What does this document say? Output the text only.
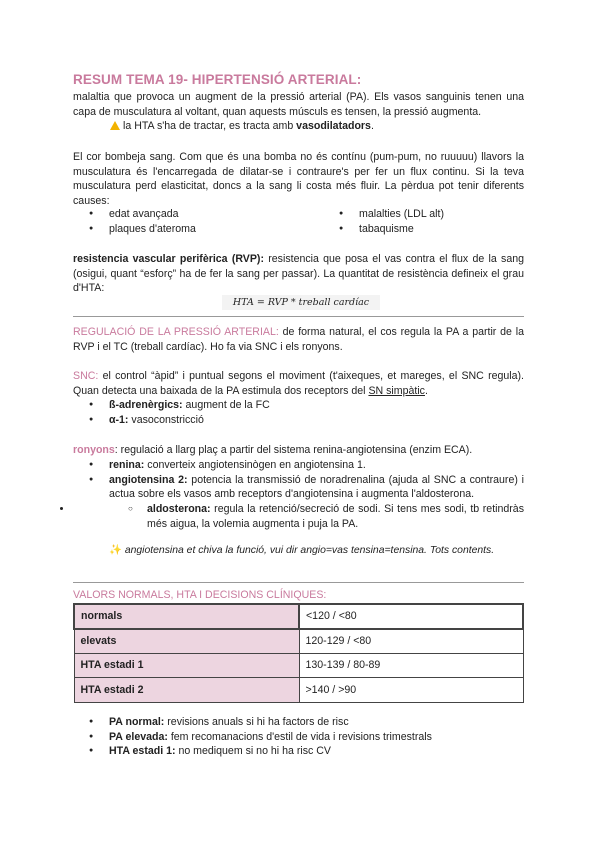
RESUM TEMA 19- HIPERTENSIÓ ARTERIAL:
malaltia que provoca un augment de la pressió arterial (PA). Els vasos sanguinis tenen una capa de musculatura al voltant, quan aquests músculs es tensen, la pressió augmenta.
la HTA s'ha de tractar, es tracta amb vasodilatadors.
El cor bombeja sang. Com que és una bomba no és contínu (pum-pum, no ruuuuu) llavors la musculatura és l'encarregada de dilatar-se i contraure's per fer un flux continu. Si la teva musculatura perd elasticitat, doncs a la sang li costa més fluir. La pèrdua pot tenir diferents causes:
● edat avançada
● plaques d'ateroma
● malalties (LDL alt)
● tabaquisme
resistencia vascular perifèrica (RVP): resistencia que posa el vas contra el flux de la sang (osigui, quant “esforç” ha de fer la sang per passar). La quantitat de resistència defineix el grau d'HTA:
HTA = RVP * treball cardíac
REGULACIÓ DE LA PRESSIÓ ARTERIAL: de forma natural, el cos regula la PA a partir de la RVP i el TC (treball cardíac). Ho fa via SNC i els ronyons.
SNC: el control “àpid” i puntual segons el moviment (t'aixeques, et mareges, el SNC regula). Quan detecta una baixada de la PA estimula dos receptors del SN simpàtic.
● ß-adrenèrgics: augment de la FC
● α-1: vasoconstricció
ronyons: regulació a llarg plaç a partir del sistema renina-angiotensina (enzim ECA).
● renina: converteix angiotensinògen en angiotensina 1.
● angiotensina 2: potencia la transmissió de noradrenalina (ajuda al SNC a contraure) i actua sobre els vasos amb receptors d'angiotensina i augmenta l'aldosterona.
○ • aldosterona: regula la retenció/secreció de sodi. Si tens mes sodi, tb retindràs més aigua, la volemia augmenta i puja la PA.
✨ angiotensina et chiva la funció, vui dir angio=vas tensina=tensina. Tots contents.
VALORS NORMALS, HTA I DECISIONS CLÍNIQUES:
normals	<120 / <80
elevats	120-129 / <80
HTA estadi 1	130-139 / 80-89
HTA estadi 2	>140 / >90
● PA normal: revisions anuals si hi ha factors de risc
● PA elevada: fem recomanacions d'estil de vida i revisions trimestrals
● HTA estadi 1: no mediquem si no hi ha risc CV
